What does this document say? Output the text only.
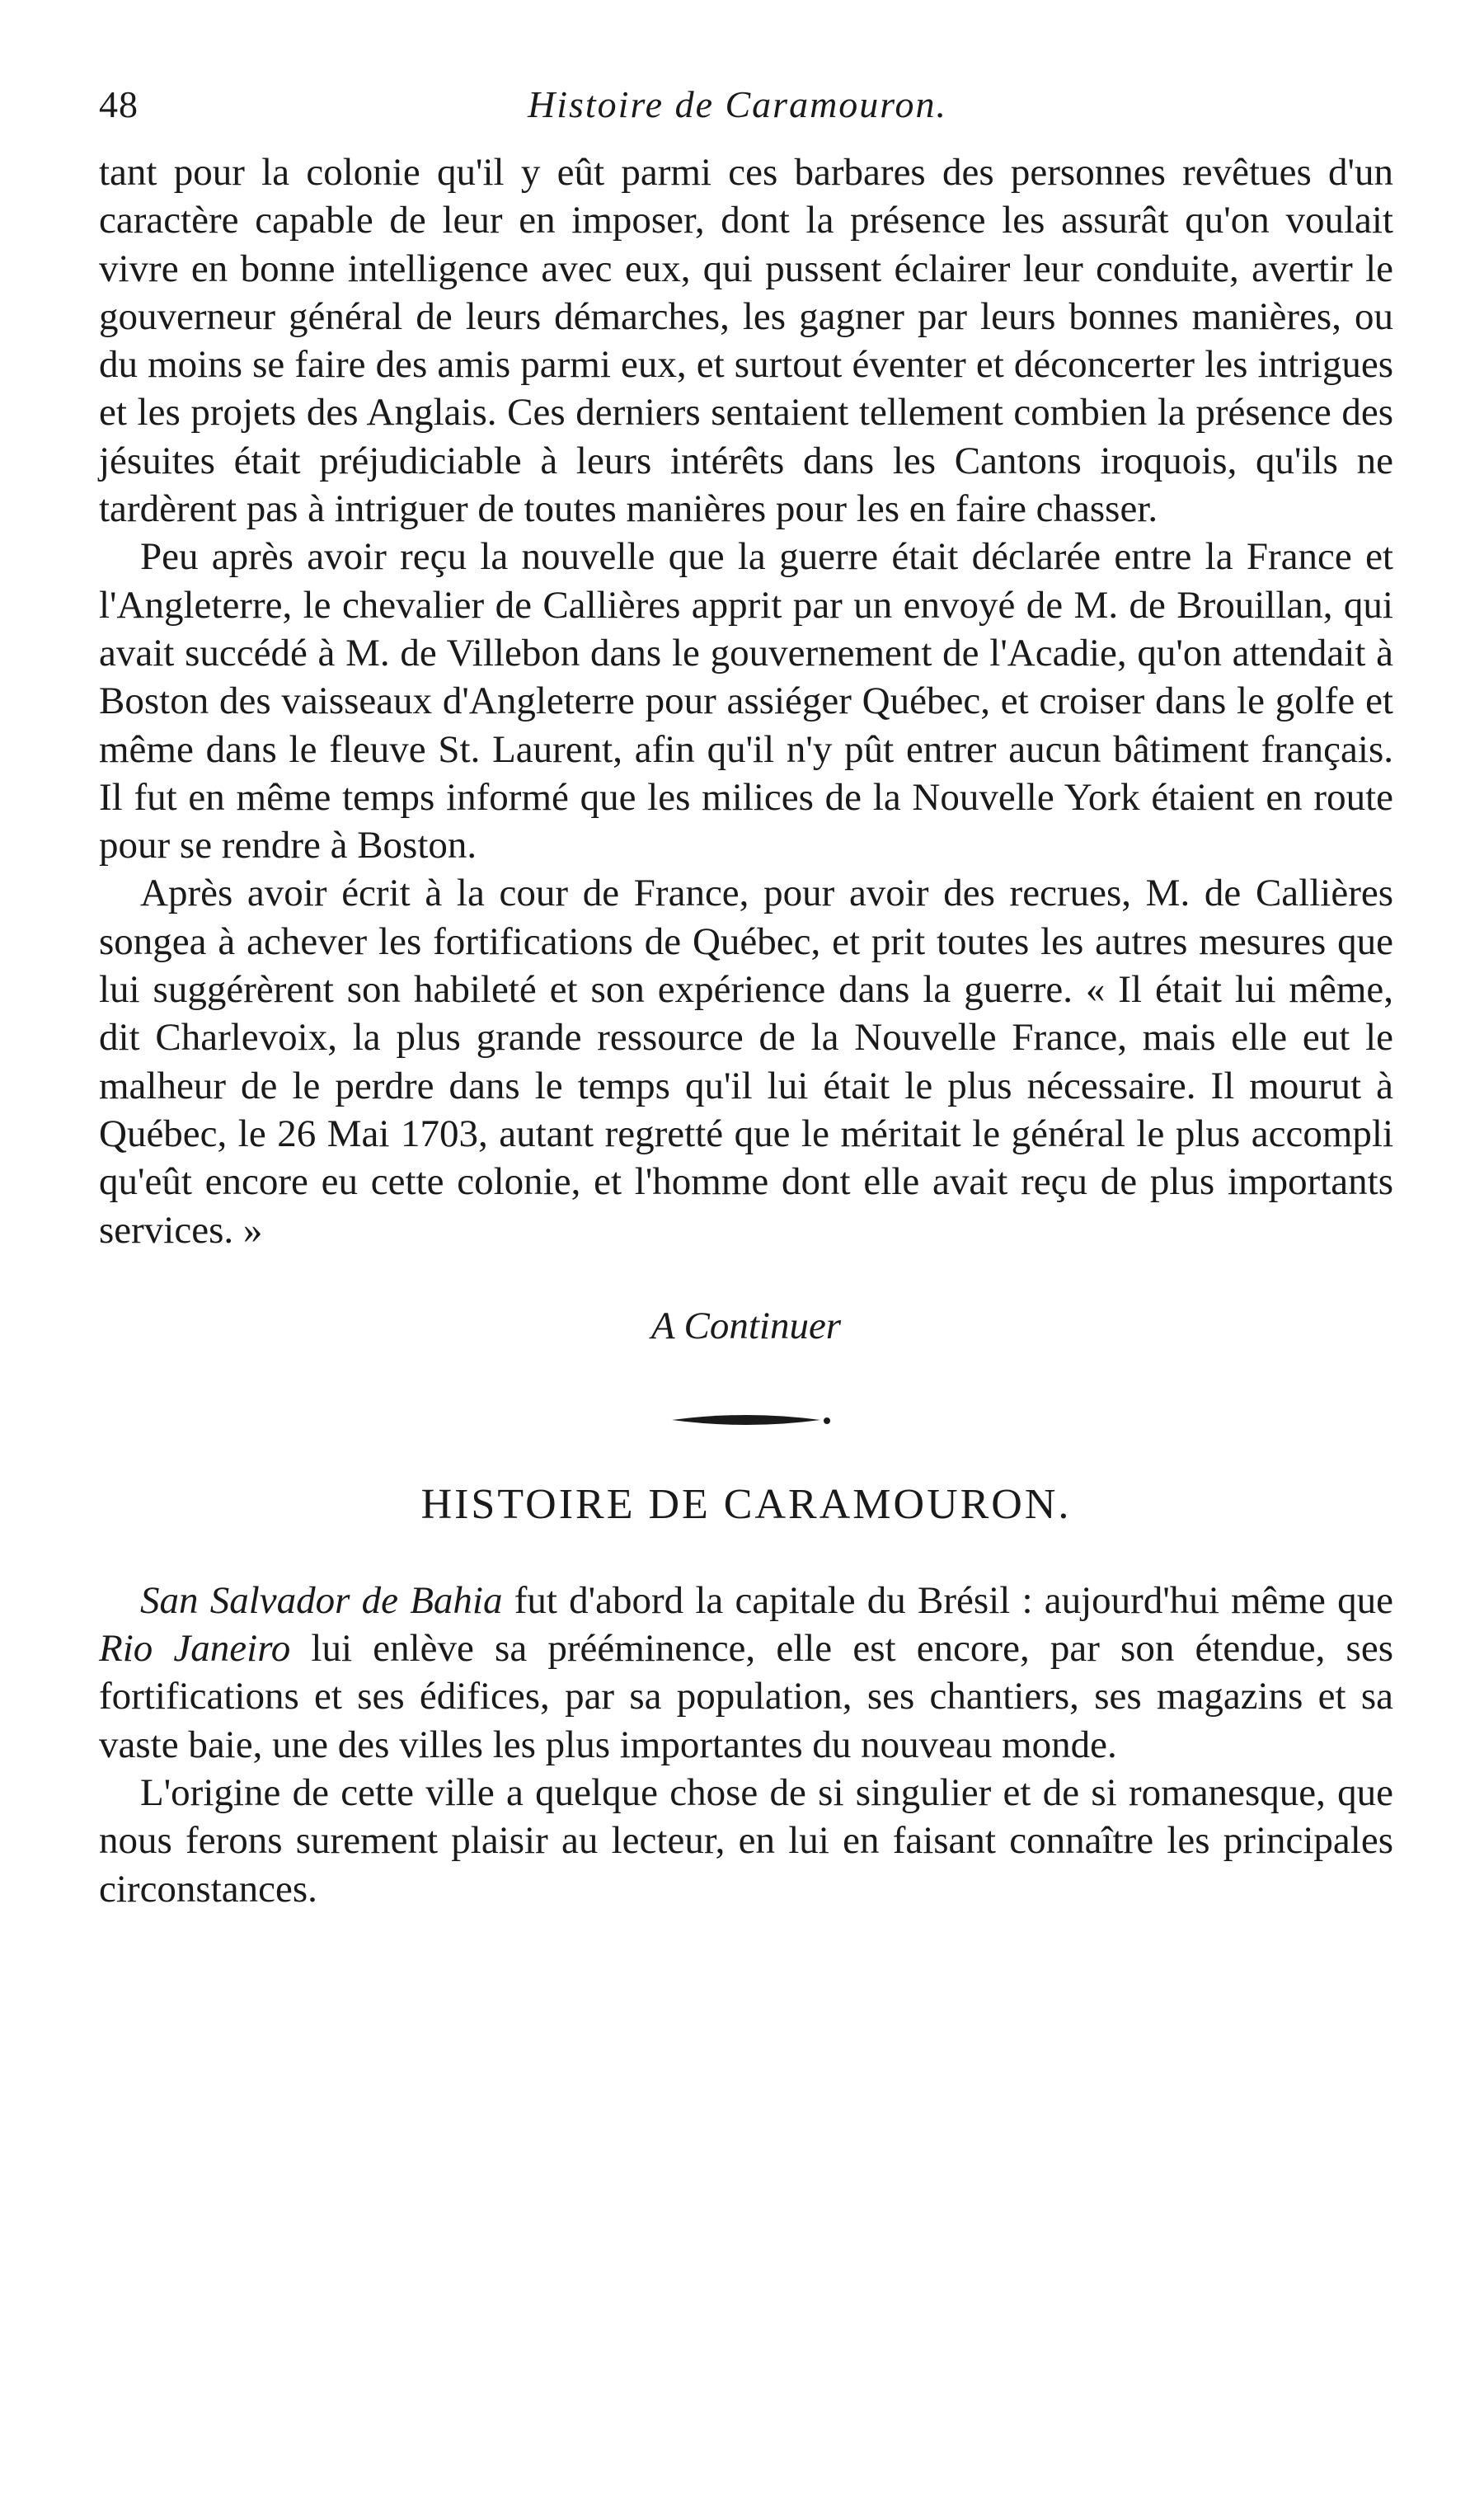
48	Histoire de Caramouron.
tant pour la colonie qu'il y eût parmi ces barbares des personnes revêtues d'un caractère capable de leur en imposer, dont la présence les assurât qu'on voulait vivre en bonne intelligence avec eux, qui pussent éclairer leur conduite, avertir le gouverneur général de leurs démarches, les gagner par leurs bonnes manières, ou du moins se faire des amis parmi eux, et surtout éventer et déconcerter les intrigues et les projets des Anglais. Ces derniers sentaient tellement combien la présence des jésuites était préjudiciable à leurs intérêts dans les Cantons iroquois, qu'ils ne tardèrent pas à intriguer de toutes manières pour les en faire chasser.
Peu après avoir reçu la nouvelle que la guerre était déclarée entre la France et l'Angleterre, le chevalier de Callières apprit par un envoyé de M. de Brouillan, qui avait succédé à M. de Villebon dans le gouvernement de l'Acadie, qu'on attendait à Boston des vaisseaux d'Angleterre pour assiéger Québec, et croiser dans le golfe et même dans le fleuve St. Laurent, afin qu'il n'y pût entrer aucun bâtiment français. Il fut en même temps informé que les milices de la Nouvelle York étaient en route pour se rendre à Boston.
Après avoir écrit à la cour de France, pour avoir des recrues, M. de Callières songea à achever les fortifications de Québec, et prit toutes les autres mesures que lui suggérèrent son habileté et son expérience dans la guerre. « Il était lui même, dit Charlevoix, la plus grande ressource de la Nouvelle France, mais elle eut le malheur de le perdre dans le temps qu'il lui était le plus nécessaire. Il mourut à Québec, le 26 Mai 1703, autant regretté que le méritait le général le plus accompli qu'eût encore eu cette colonie, et l'homme dont elle avait reçu de plus importants services. »
A Continuer
HISTOIRE DE CARAMOURON.
San Salvador de Bahia fut d'abord la capitale du Brésil : aujourd'hui même que Rio Janeiro lui enlève sa prééminence, elle est encore, par son étendue, ses fortifications et ses édifices, par sa population, ses chantiers, ses magazins et sa vaste baie, une des villes les plus importantes du nouveau monde.
L'origine de cette ville a quelque chose de si singulier et de si romanesque, que nous ferons surement plaisir au lecteur, en lui en faisant connaître les principales circonstances.
